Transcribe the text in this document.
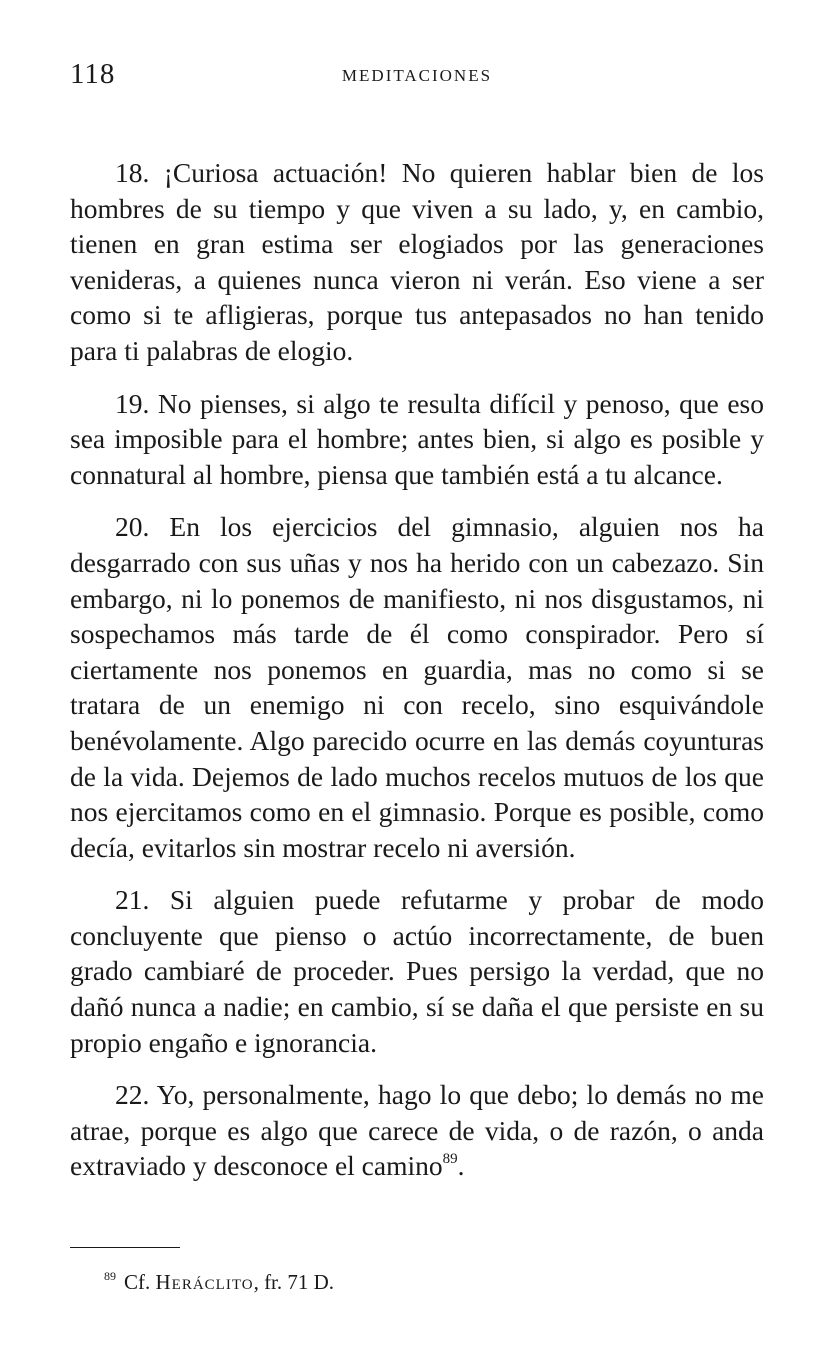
118	MEDITACIONES

18. ¡Curiosa actuación! No quieren hablar bien de los hombres de su tiempo y que viven a su lado, y, en cambio, tienen en gran estima ser elogiados por las generaciones venideras, a quienes nunca vieron ni verán. Eso viene a ser como si te afligieras, porque tus antepasados no han tenido para ti palabras de elogio.

19. No pienses, si algo te resulta difícil y penoso, que eso sea imposible para el hombre; antes bien, si algo es posible y connatural al hombre, piensa que también está a tu alcance.

20. En los ejercicios del gimnasio, alguien nos ha desgarrado con sus uñas y nos ha herido con un cabezazo. Sin embargo, ni lo ponemos de manifiesto, ni nos disgustamos, ni sospechamos más tarde de él como conspirador. Pero sí ciertamente nos ponemos en guardia, mas no como si se tratara de un enemigo ni con recelo, sino esquivándole benévolamente. Algo parecido ocurre en las demás coyunturas de la vida. Dejemos de lado muchos recelos mutuos de los que nos ejercitamos como en el gimnasio. Porque es posible, como decía, evitarlos sin mostrar recelo ni aversión.

21. Si alguien puede refutarme y probar de modo concluyente que pienso o actúo incorrectamente, de buen grado cambiaré de proceder. Pues persigo la verdad, que no dañó nunca a nadie; en cambio, sí se daña el que persiste en su propio engaño e ignorancia.

22. Yo, personalmente, hago lo que debo; lo demás no me atrae, porque es algo que carece de vida, o de razón, o anda extraviado y desconoce el camino$^{89}$.

$^{89}$ Cf. Heráclito, fr. 71 D.
